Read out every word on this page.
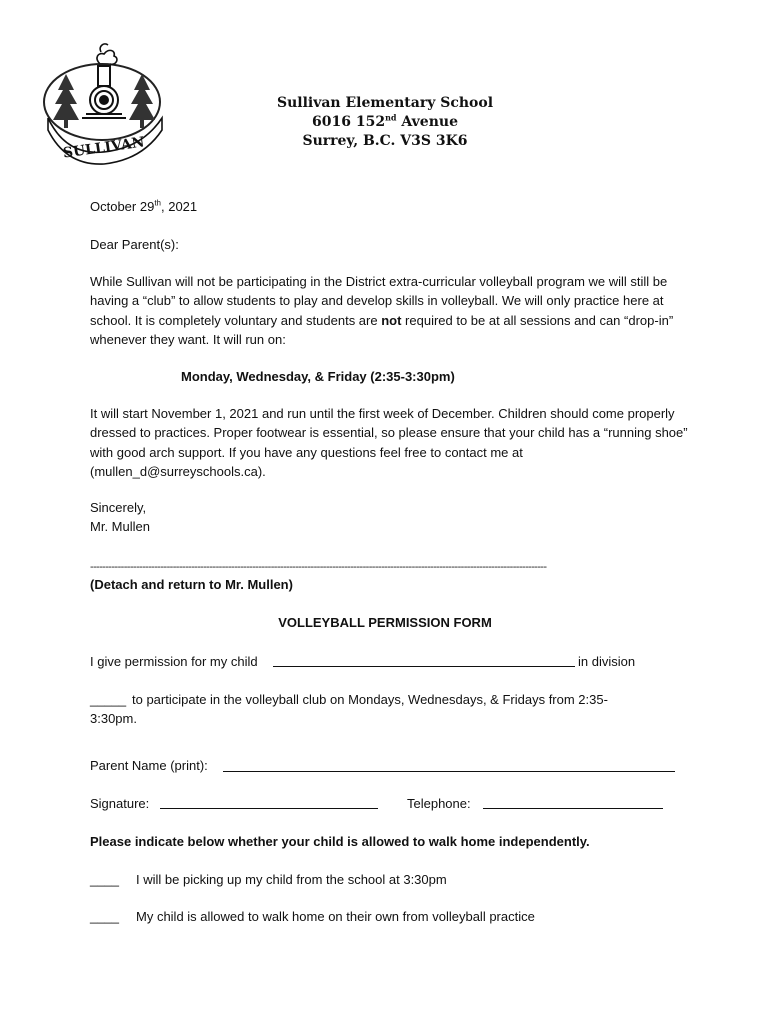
SULLIVAN
Sullivan Elementary School
6016 152nd Avenue
Surrey, B.C. V3S 3K6
October 29th, 2021
Dear Parent(s):
While Sullivan will not be participating in the District extra-curricular volleyball program we will still be having a “club” to allow students to play and develop skills in volleyball. We will only practice here at school. It is completely voluntary and students are not required to be at all sessions and can “drop-in” whenever they want. It will run on:
Monday, Wednesday, & Friday (2:35-3:30pm)
It will start November 1, 2021 and run until the first week of December. Children should come properly dressed to practices. Proper footwear is essential, so please ensure that your child has a “running shoe” with good arch support. If you have any questions feel free to contact me at (mullen_d@surreyschools.ca).
Sincerely,
Mr. Mullen
-----------------------------------------------------------------------------------------------------------------------------------------------------
(Detach and return to Mr. Mullen)
VOLLEYBALL PERMISSION FORM
I give permission for my child	in division
_____ to participate in the volleyball club on Mondays, Wednesdays, & Fridays from 2:35-
3:30pm.
Parent Name (print):
Signature:	Telephone:
Please indicate below whether your child is allowed to walk home independently.
____ I will be picking up my child from the school at 3:30pm
____ My child is allowed to walk home on their own from volleyball practice
